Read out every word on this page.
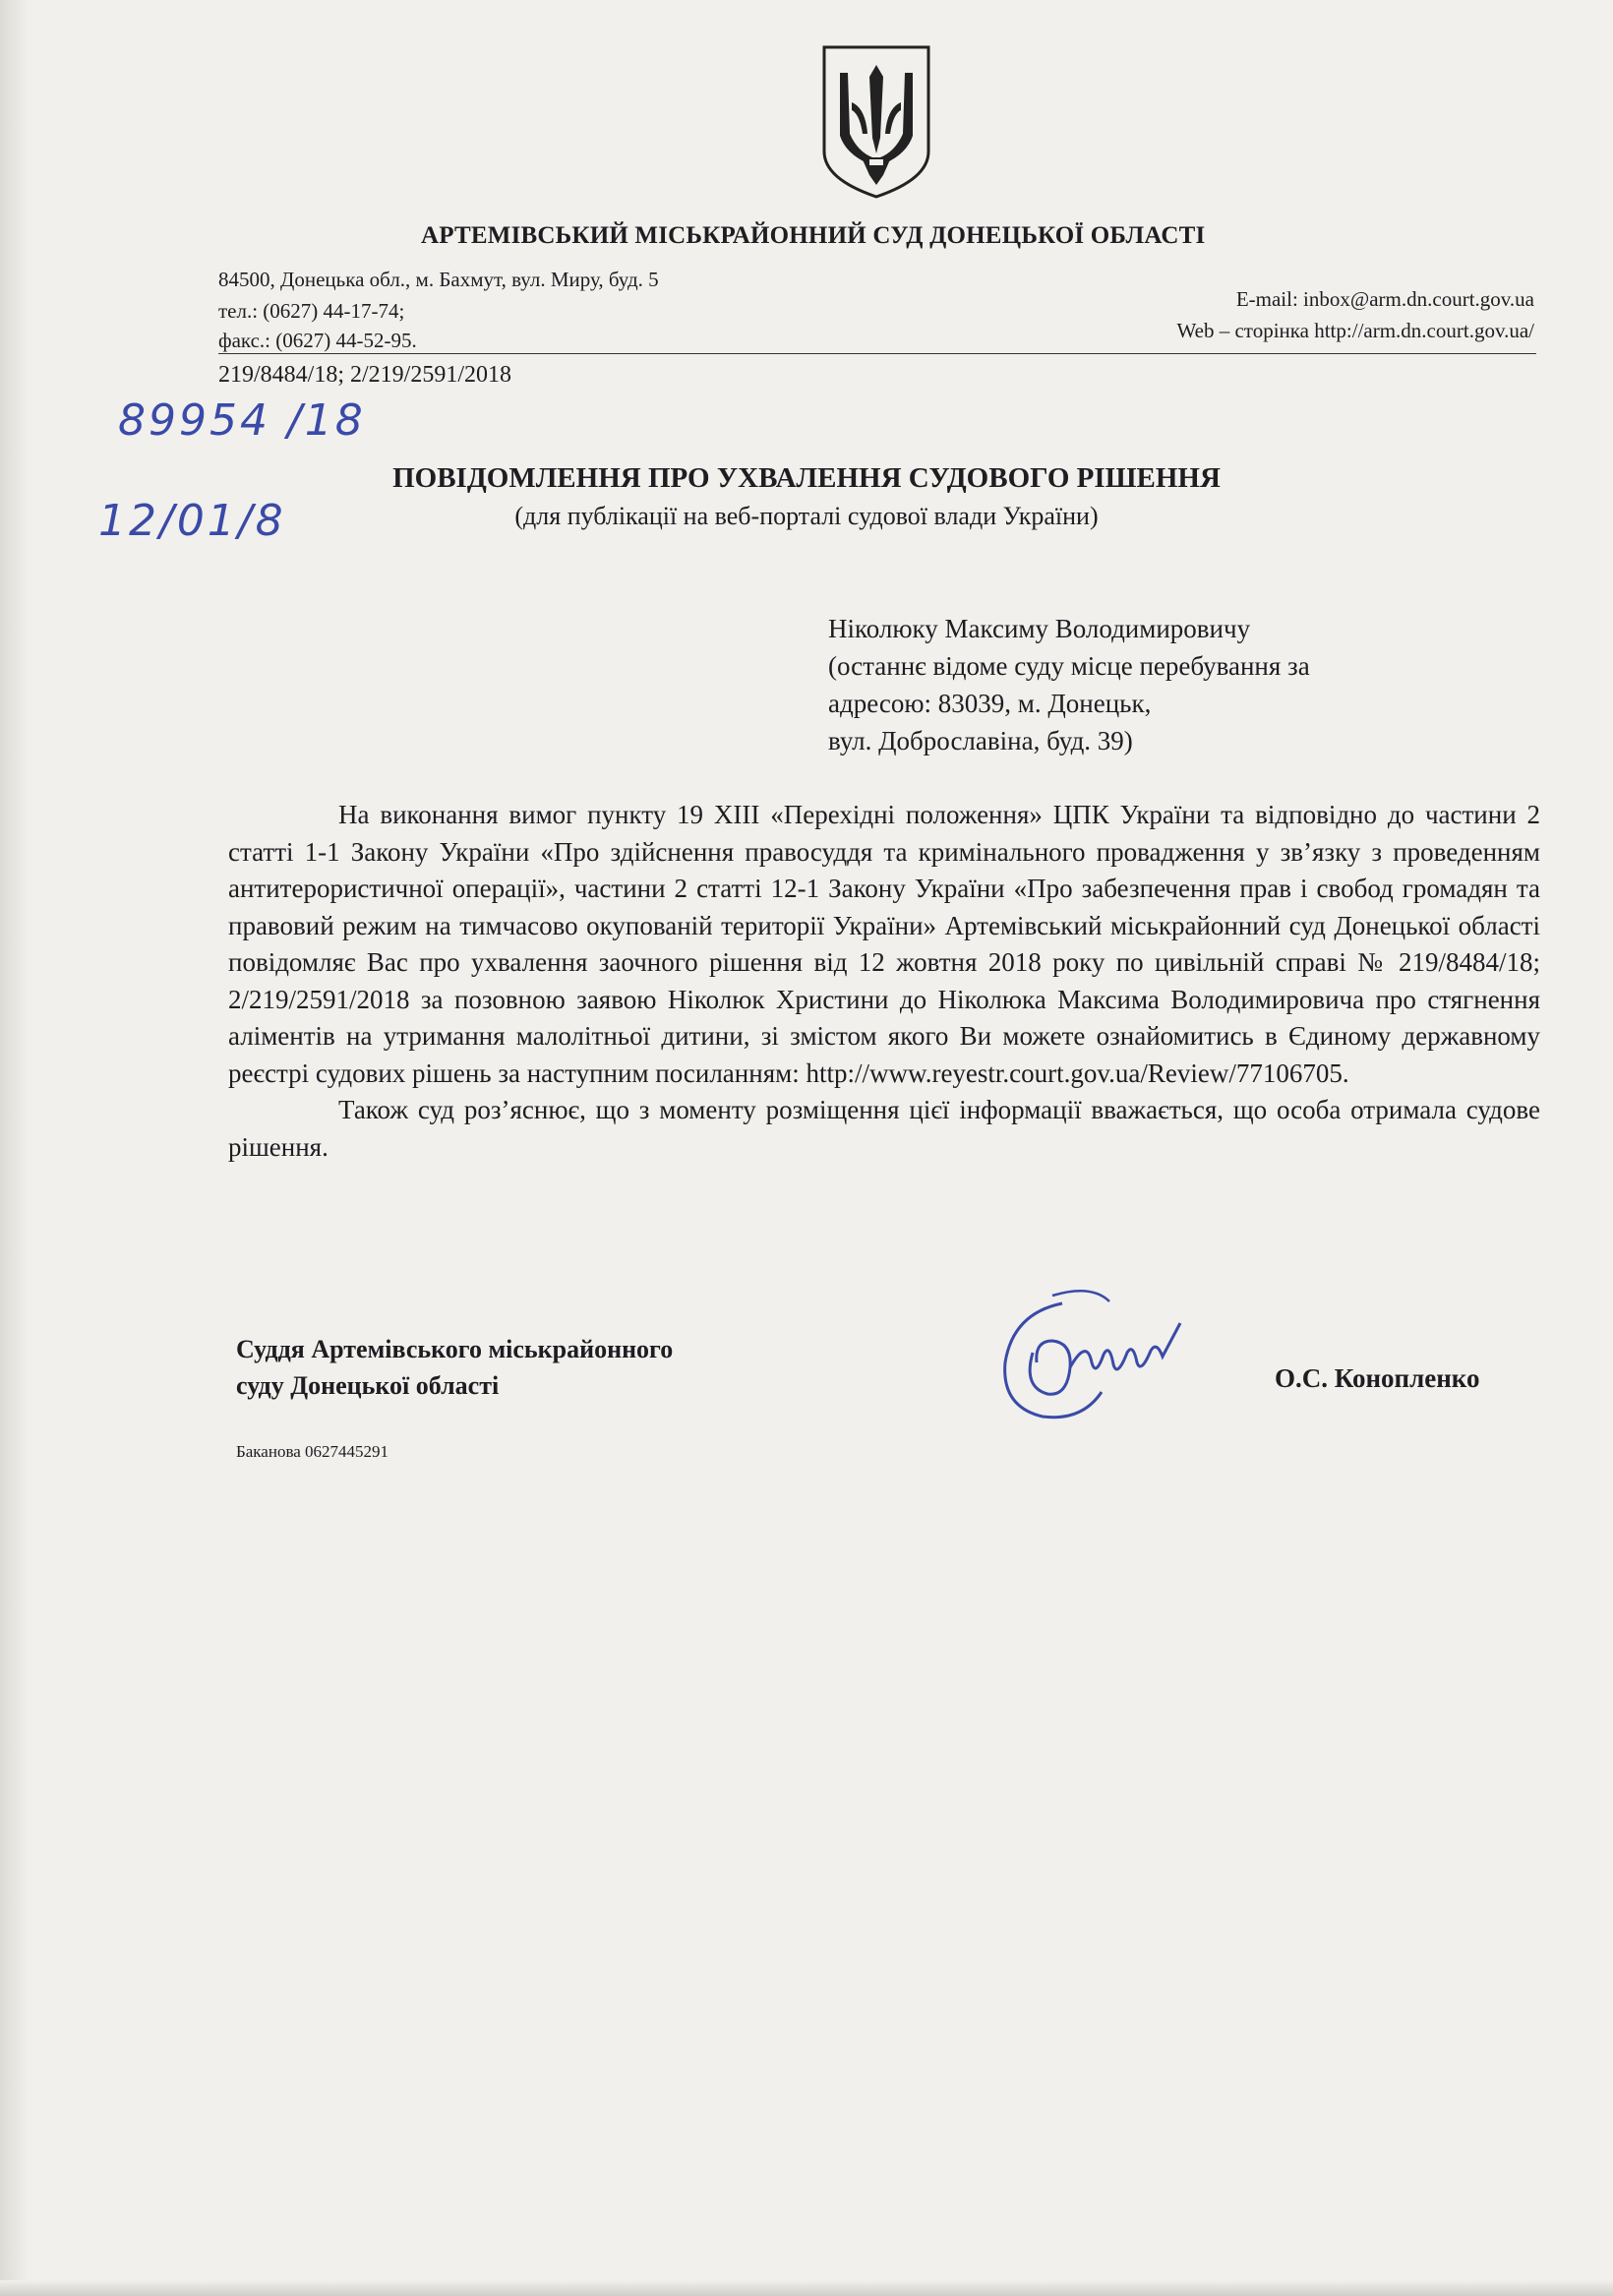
АРТЕМІВСЬКИЙ МІСЬКРАЙОННИЙ СУД ДОНЕЦЬКОЇ ОБЛАСТІ
84500, Донецька обл., м. Бахмут, вул. Миру, буд. 5
тел.: (0627) 44-17-74;
факс.: (0627) 44-52-95.
E-mail: inbox@arm.dn.court.gov.ua
Web – сторінка http://arm.dn.court.gov.ua/
219/8484/18; 2/219/2591/2018
89954 /18
12/01/8
ПОВІДОМЛЕННЯ ПРО УХВАЛЕННЯ СУДОВОГО РІШЕННЯ
(для публікації на веб-порталі судової влади України)
Ніколюку Максиму Володимировичу
(останнє відоме суду місце перебування за
адресою: 83039, м. Донецьк,
вул. Доброславіна, буд. 39)

На виконання вимог пункту 19 XIII «Перехідні положення» ЦПК України та відповідно до частини 2 статті 1-1 Закону України «Про здійснення правосуддя та кримінального провадження у зв’язку з проведенням антитерористичної операції», частини 2 статті 12-1 Закону України «Про забезпечення прав і свобод громадян та правовий режим на тимчасово окупованій території України» Артемівський міськрайонний суд Донецької області повідомляє Вас про ухвалення заочного рішення від 12 жовтня 2018 року по цивільній справі № 219/8484/18; 2/219/2591/2018 за позовною заявою Ніколюк Христини до Ніколюка Максима Володимировича про стягнення аліментів на утримання малолітньої дитини, зі змістом якого Ви можете ознайомитись в Єдиному державному реєстрі судових рішень за наступним посиланням: http://www.reyestr.court.gov.ua/Review/77106705.

Також суд роз’яснює, що з моменту розміщення цієї інформації вважається, що особа отримала судове рішення.

Суддя Артемівського міськрайонного
суду Донецької області	О.С. Конопленко
Баканова 0627445291
